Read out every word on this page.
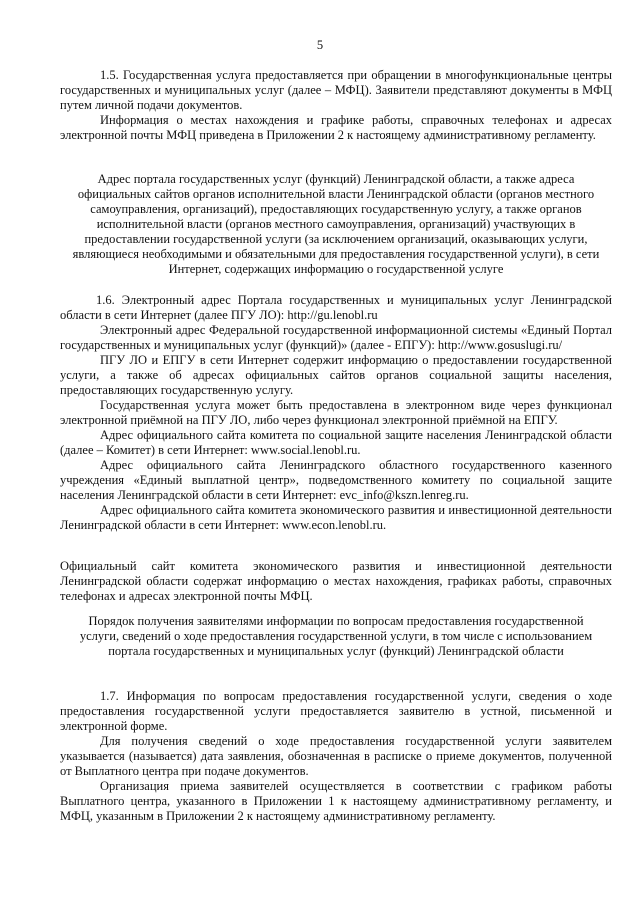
5

1.5. Государственная услуга предоставляется при обращении в многофункциональные центры государственных и муниципальных услуг (далее – МФЦ). Заявители представляют документы в МФЦ путем личной подачи документов.

Информация о местах нахождения и графике работы, справочных телефонах и адресах электронной почты МФЦ приведена в Приложении 2 к настоящему административному регламенту.

Адрес портала государственных услуг (функций) Ленинградской области, а также адреса официальных сайтов органов исполнительной власти Ленинградской области (органов местного самоуправления, организаций), предоставляющих государственную услугу, а также органов исполнительной власти (органов местного самоуправления, организаций) участвующих в предоставлении государственной услуги (за исключением организаций, оказывающих услуги, являющиеся необходимыми и обязательными для предоставления государственной услуги), в сети Интернет, содержащих информацию о государственной услуге

1.6. Электронный адрес Портала государственных и муниципальных услуг Ленинградской области в сети Интернет (далее ПГУ ЛО): http://gu.lenobl.ru

Электронный адрес Федеральной государственной информационной системы «Единый Портал государственных и муниципальных услуг (функций)» (далее - ЕПГУ): http://www.gosuslugi.ru/

ПГУ ЛО и ЕПГУ в сети Интернет содержит информацию о предоставлении государственной услуги, а также об адресах официальных сайтов органов социальной защиты населения, предоставляющих государственную услугу.

Государственная услуга может быть предоставлена в электронном виде через функционал электронной приёмной на ПГУ ЛО, либо через функционал электронной приёмной на ЕПГУ.

Адрес официального сайта комитета по социальной защите населения Ленинградской области (далее – Комитет) в сети Интернет: www.social.lenobl.ru.

Адрес официального сайта Ленинградского областного государственного казенного учреждения «Единый выплатной центр», подведомственного комитету по социальной защите населения Ленинградской области в сети Интернет: evc_info@kszn.lenreg.ru.

Адрес официального сайта комитета экономического развития и инвестиционной деятельности Ленинградской области в сети Интернет: www.econ.lenobl.ru.

Официальный сайт комитета экономического развития и инвестиционной деятельности Ленинградской области содержат информацию о местах нахождения, графиках работы, справочных телефонах и адресах электронной почты МФЦ.

Порядок получения заявителями информации по вопросам предоставления государственной услуги, сведений о ходе предоставления государственной услуги, в том числе с использованием портала государственных и муниципальных услуг (функций) Ленинградской области

1.7. Информация по вопросам предоставления государственной услуги, сведения о ходе предоставления государственной услуги предоставляется заявителю в устной, письменной и электронной форме.

Для получения сведений о ходе предоставления государственной услуги заявителем указывается (называется) дата заявления, обозначенная в расписке о приеме документов, полученной от Выплатного центра при подаче документов.

Организация приема заявителей осуществляется в соответствии с графиком работы Выплатного центра, указанного в Приложении 1 к настоящему административному регламенту, и МФЦ, указанным в Приложении 2 к настоящему административному регламенту.
